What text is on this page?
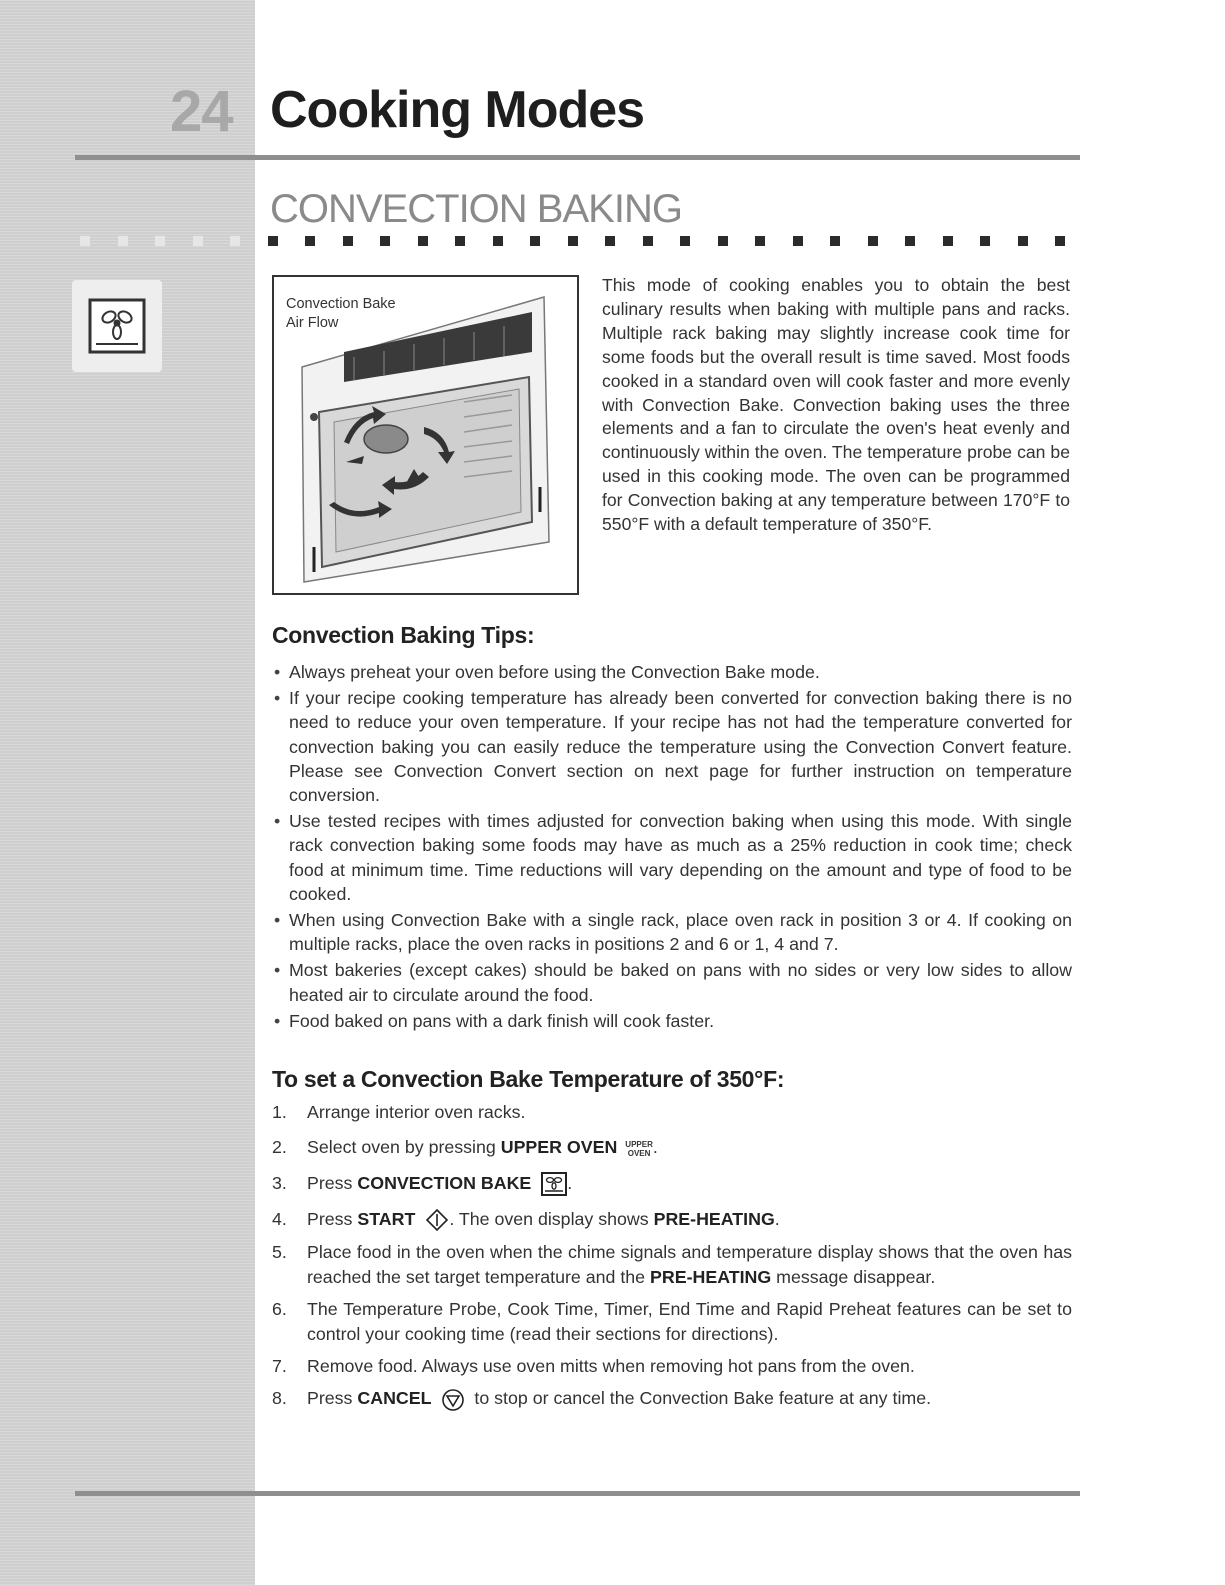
24 Cooking Modes
CONVECTION BAKING
Convection Bake
Air Flow
This mode of cooking enables you to obtain the best culinary results when baking with multiple pans and racks. Multiple rack baking may slightly increase cook time for some foods but the overall result is time saved. Most foods cooked in a standard oven will cook faster and more evenly with Convection Bake. Convection baking uses the three elements and a fan to circulate the oven's heat evenly and continuously within the oven. The temperature probe can be used in this cooking mode. The oven can be programmed for Convection baking at any temperature between 170°F to 550°F with a default temperature of 350°F.
Convection Baking Tips:
• Always preheat your oven before using the Convection Bake mode.
• If your recipe cooking temperature has already been converted for convection baking there is no need to reduce your oven temperature. If your recipe has not had the temperature converted for convection baking you can easily reduce the temperature using the Convection Convert feature. Please see Convection Convert section on next page for further instruction on temperature conversion.
• Use tested recipes with times adjusted for convection baking when using this mode. With single rack convection baking some foods may have as much as a 25% reduction in cook time; check food at minimum time. Time reductions will vary depending on the amount and type of food to be cooked.
• When using Convection Bake with a single rack, place oven rack in position 3 or 4. If cooking on multiple racks, place the oven racks in positions 2 and 6 or 1, 4 and 7.
• Most bakeries (except cakes) should be baked on pans with no sides or very low sides to allow heated air to circulate around the food.
• Food baked on pans with a dark finish will cook faster.
To set a Convection Bake Temperature of 350°F:
1. Arrange interior oven racks.
2. Select oven by pressing UPPER OVEN UPPER
OVEN .
3. Press CONVECTION BAKE .
4. Press START . The oven display shows PRE-HEATING.
5. Place food in the oven when the chime signals and temperature display shows that the oven has reached the set target temperature and the PRE-HEATING message disappear.
6. The Temperature Probe, Cook Time, Timer, End Time and Rapid Preheat features can be set to control your cooking time (read their sections for directions).
7. Remove food. Always use oven mitts when removing hot pans from the oven.
8. Press CANCEL  to stop or cancel the Convection Bake feature at any time.
